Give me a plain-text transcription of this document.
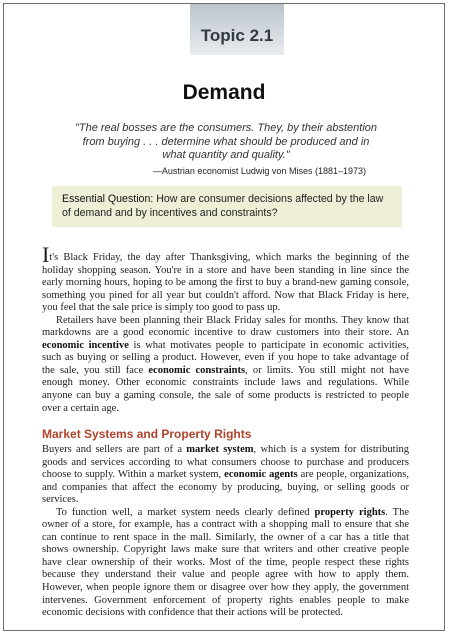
Topic 2.1
Demand
"The real bosses are the consumers. They, by their abstention from buying . . . determine what should be produced and in what quantity and quality."
—Austrian economist Ludwig von Mises (1881–1973)
Essential Question: How are consumer decisions affected by the law of demand and by incentives and constraints?

It's Black Friday, the day after Thanksgiving, which marks the beginning of the holiday shopping season. You're in a store and have been standing in line since the early morning hours, hoping to be among the first to buy a brand-new gaming console, something you pined for all year but couldn't afford. Now that Black Friday is here, you feel that the sale price is simply too good to pass up.

Retailers have been planning their Black Friday sales for months. They know that markdowns are a good economic incentive to draw customers into their store. An economic incentive is what motivates people to participate in economic activities, such as buying or selling a product. However, even if you hope to take advantage of the sale, you still face economic constraints, or limits. You still might not have enough money. Other economic constraints include laws and regulations. While anyone can buy a gaming console, the sale of some products is restricted to people over a certain age.

Market Systems and Property Rights

Buyers and sellers are part of a market system, which is a system for distributing goods and services according to what consumers choose to purchase and producers choose to supply. Within a market system, economic agents are people, organizations, and companies that affect the economy by producing, buying, or selling goods or services.

To function well, a market system needs clearly defined property rights. The owner of a store, for example, has a contract with a shopping mall to ensure that she can continue to rent space in the mall. Similarly, the owner of a car has a title that shows ownership. Copyright laws make sure that writers and other creative people have clear ownership of their works. Most of the time, people respect these rights because they understand their value and people agree with how to apply them. However, when people ignore them or disagree over how they apply, the government intervenes. Government enforcement of property rights enables people to make economic decisions with confidence that their actions will be protected.
